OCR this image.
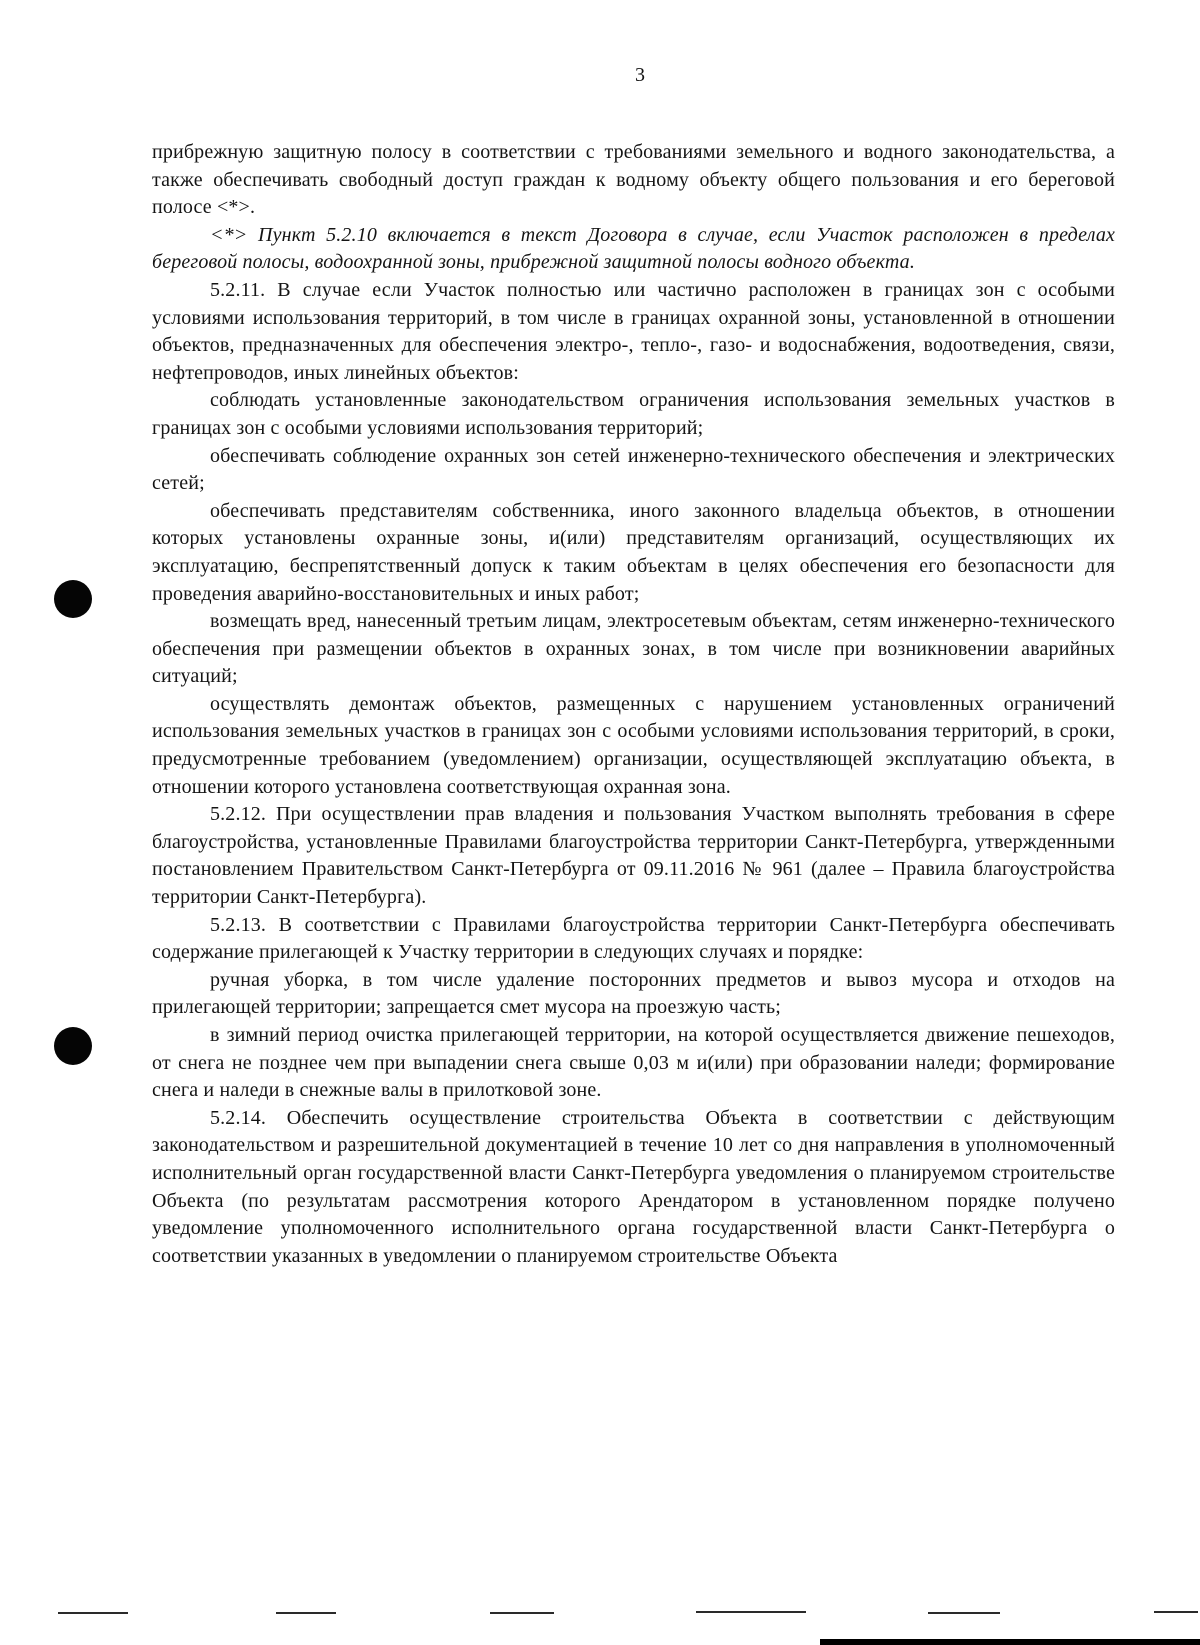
3

прибрежную защитную полосу в соответствии с требованиями земельного и водного законодательства, а также обеспечивать свободный доступ граждан к водному объекту общего пользования и его береговой полосе <*>.

<*> Пункт 5.2.10 включается в текст Договора в случае, если Участок расположен в пределах береговой полосы, водоохранной зоны, прибрежной защитной полосы водного объекта.

5.2.11. В случае если Участок полностью или частично расположен в границах зон с особыми условиями использования территорий, в том числе в границах охранной зоны, установленной в отношении объектов, предназначенных для обеспечения электро-, тепло-, газо- и водоснабжения, водоотведения, связи, нефтепроводов, иных линейных объектов:

соблюдать установленные законодательством ограничения использования земельных участков в границах зон с особыми условиями использования территорий;

обеспечивать соблюдение охранных зон сетей инженерно-технического обеспечения и электрических сетей;

обеспечивать представителям собственника, иного законного владельца объектов, в отношении которых установлены охранные зоны, и(или) представителям организаций, осуществляющих их эксплуатацию, беспрепятственный допуск к таким объектам в целях обеспечения его безопасности для проведения аварийно-восстановительных и иных работ;

возмещать вред, нанесенный третьим лицам, электросетевым объектам, сетям инженерно-технического обеспечения при размещении объектов в охранных зонах, в том числе при возникновении аварийных ситуаций;

осуществлять демонтаж объектов, размещенных с нарушением установленных ограничений использования земельных участков в границах зон с особыми условиями использования территорий, в сроки, предусмотренные требованием (уведомлением) организации, осуществляющей эксплуатацию объекта, в отношении которого установлена соответствующая охранная зона.

5.2.12. При осуществлении прав владения и пользования Участком выполнять требования в сфере благоустройства, установленные Правилами благоустройства территории Санкт-Петербурга, утвержденными постановлением Правительством Санкт-Петербурга от 09.11.2016 № 961 (далее – Правила благоустройства территории Санкт-Петербурга).

5.2.13. В соответствии с Правилами благоустройства территории Санкт-Петербурга обеспечивать содержание прилегающей к Участку территории в следующих случаях и порядке:

ручная уборка, в том числе удаление посторонних предметов и вывоз мусора и отходов на прилегающей территории; запрещается смет мусора на проезжую часть;

в зимний период очистка прилегающей территории, на которой осуществляется движение пешеходов, от снега не позднее чем при выпадении снега свыше 0,03 м и(или) при образовании наледи; формирование снега и наледи в снежные валы в прилотковой зоне.

5.2.14. Обеспечить осуществление строительства Объекта в соответствии с действующим законодательством и разрешительной документацией в течение 10 лет со дня направления в уполномоченный исполнительный орган государственной власти Санкт-Петербурга уведомления о планируемом строительстве Объекта (по результатам рассмотрения которого Арендатором в установленном порядке получено уведомление уполномоченного исполнительного органа государственной власти Санкт-Петербурга о соответствии указанных в уведомлении о планируемом строительстве Объекта
